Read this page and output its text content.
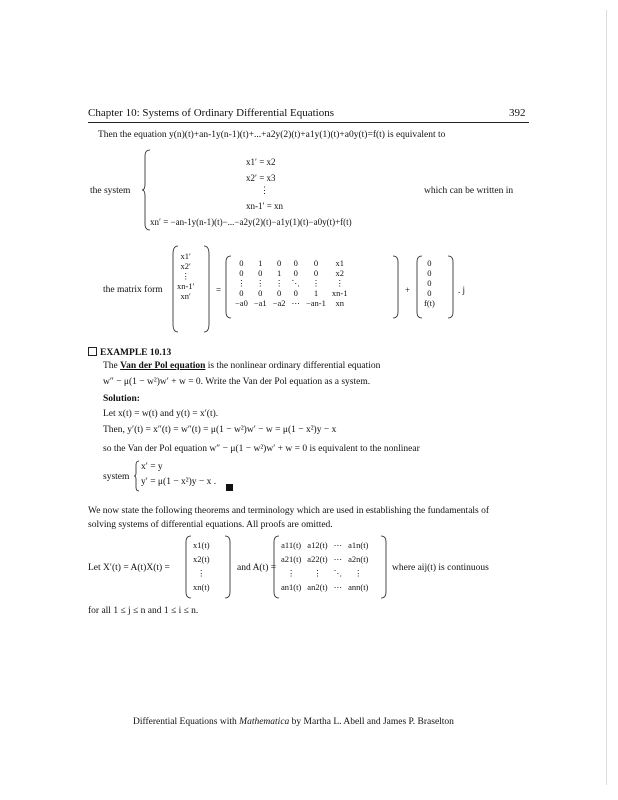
Chapter 10: Systems of Ordinary Differential Equations	392
Then the equation y(n)(t)+an-1y(n-1)(t)+...+a2y(2)(t)+a1y(1)(t)+a0y(t)=f(t) is equivalent to
the system
x1′ = x2
x2′ = x3
⋮
xn-1′ = xn
xn′ = −an-1y(n-1)(t)−...−a2y(2)(t)−a1y(1)(t)−a0y(t)+f(t)
which can be written in
the matrix form
x1′
x2′
⋮
xn-1′
xn′
=
0	1	0	0	0	x1
0	0	1	0	0	x2
⋮	⋮	⋮	⋱	⋮	⋮
0	0	0	0	1	xn-1
−a0	−a1	−a2	⋯	−an-1	xn
+
0
0
0
0
f(t)
. j
EXAMPLE 10.13
The Van der Pol equation is the nonlinear ordinary differential equation
w″ − μ(1 − w²)w′ + w = 0. Write the Van der Pol equation as a system.
Solution:
Let x(t) = w(t) and y(t) = x′(t).
Then, y′(t) = x″(t) = w″(t) = μ(1 − w²)w′ − w = μ(1 − x²)y − x
so the Van der Pol equation w″ − μ(1 − w²)w′ + w = 0 is equivalent to the nonlinear
system
x′ = y
y′ = μ(1 − x²)y − x .
We now state the following theorems and terminology which are used in establishing the fundamentals of
solving systems of differential equations. All proofs are omitted.
Let X′(t) = A(t)X(t) =
x1(t)
x2(t)
⋮
xn(t)
and A(t) =
a11(t)	a12(t)	⋯	a1n(t)
a21(t)	a22(t)	⋯	a2n(t)
⋮	⋮	⋱	⋮
an1(t)	an2(t)	⋯	ann(t)
where aij(t) is continuous
for all 1 ≤ j ≤ n and 1 ≤ i ≤ n.
Differential Equations with Mathematica by Martha L. Abell and James P. Braselton
